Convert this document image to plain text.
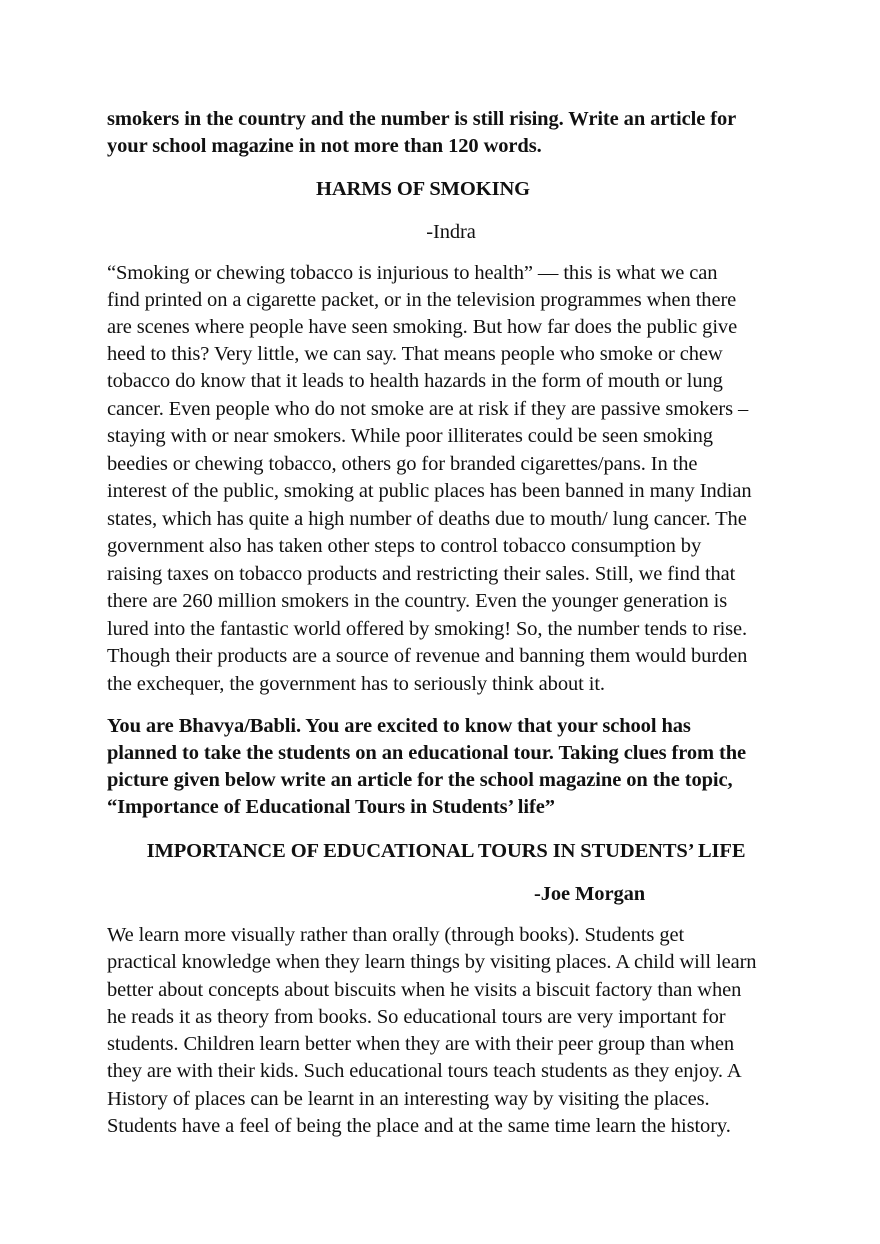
smokers in the country and the number is still rising. Write an article for
your school magazine in not more than 120 words.
HARMS OF SMOKING
-Indra
“Smoking or chewing tobacco is injurious to health” — this is what we can
find printed on a cigarette packet, or in the television programmes when there
are scenes where people have seen smoking. But how far does the public give
heed to this? Very little, we can say. That means people who smoke or chew
tobacco do know that it leads to health hazards in the form of mouth or lung
cancer. Even people who do not smoke are at risk if they are passive smokers –
staying with or near smokers. While poor illiterates could be seen smoking
beedies or chewing tobacco, others go for branded cigarettes/pans. In the
interest of the public, smoking at public places has been banned in many Indian
states, which has quite a high number of deaths due to mouth/ lung cancer. The
government also has taken other steps to control tobacco consumption by
raising taxes on tobacco products and restricting their sales. Still, we find that
there are 260 million smokers in the country. Even the younger generation is
lured into the fantastic world offered by smoking! So, the number tends to rise.
Though their products are a source of revenue and banning them would burden
the exchequer, the government has to seriously think about it.
You are Bhavya/Babli. You are excited to know that your school has
planned to take the students on an educational tour. Taking clues from the
picture given below write an article for the school magazine on the topic,
“Importance of Educational Tours in Students’ life”
IMPORTANCE OF EDUCATIONAL TOURS IN STUDENTS’ LIFE
-Joe Morgan
We learn more visually rather than orally (through books). Students get
practical knowledge when they learn things by visiting places. A child will learn
better about concepts about biscuits when he visits a biscuit factory than when
he reads it as theory from books. So educational tours are very important for
students. Children learn better when they are with their peer group than when
they are with their kids. Such educational tours teach students as they enjoy. A
History of places can be learnt in an interesting way by visiting the places.
Students have a feel of being the place and at the same time learn the history.
